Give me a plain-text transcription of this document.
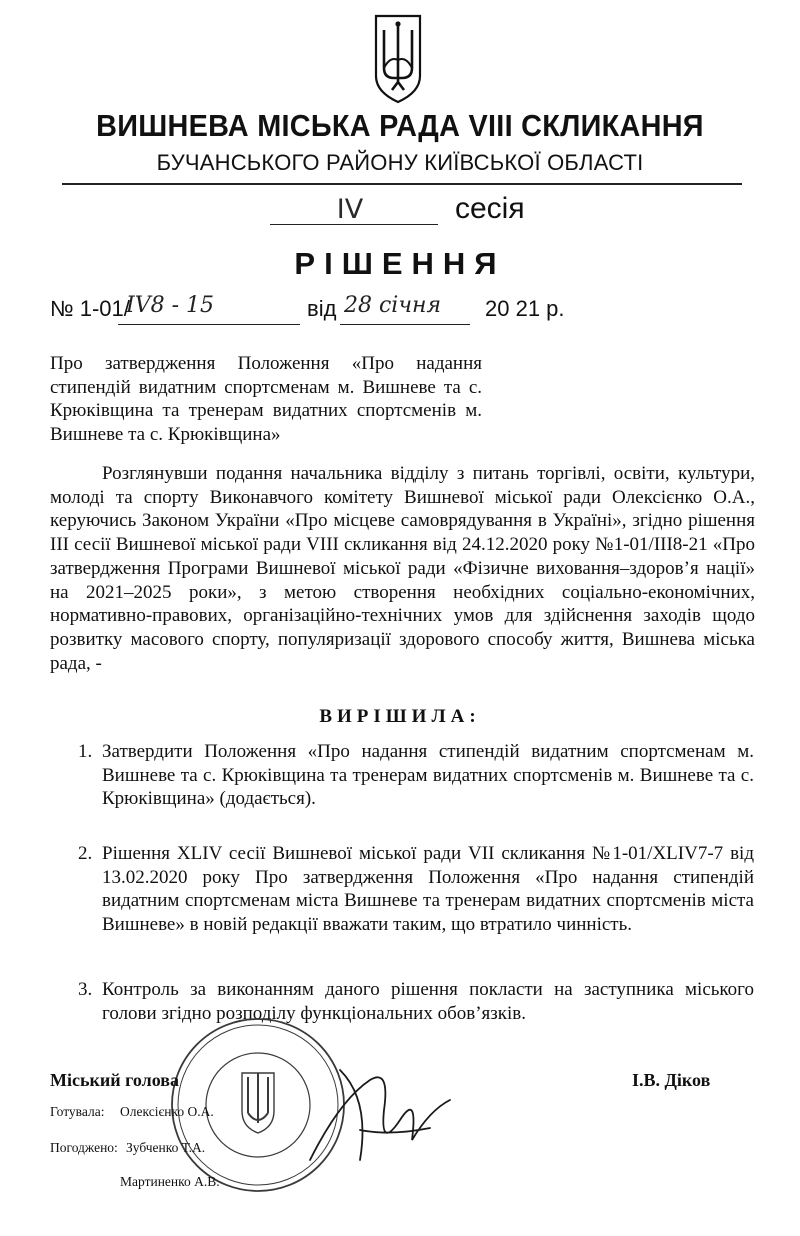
ВИШНЕВА МІСЬКА РАДА VIII СКЛИКАННЯ
БУЧАНСЬКОГО РАЙОНУ КИЇВСЬКОЇ ОБЛАСТІ
IV	сесія
РІШЕННЯ
№ 1-01/
IV8 - 15	від 28 січня 20 21 р.
Про затвердження Положення «Про надання стипендій видатним спортсменам м. Вишневе та с. Крюківщина та тренерам видатних спортсменів м. Вишневе та с. Крюківщина»
Розглянувши подання начальника відділу з питань торгівлі, освіти, культури, молоді та спорту Виконавчого комітету Вишневої міської ради Олексієнко О.А., керуючись Законом України «Про місцеве самоврядування в Україні», згідно рішення III сесії Вишневої міської ради VIII скликання від 24.12.2020 року №1-01/ІІІ8-21 «Про затвердження Програми Вишневої міської ради «Фізичне виховання–здоров’я нації» на 2021–2025 роки», з метою створення необхідних соціально-економічних, нормативно-правових, організаційно-технічних умов для здійснення заходів щодо розвитку масового спорту, популяризації здорового способу життя, Вишнева міська рада, -
ВИРІШИЛА:
1. Затвердити Положення «Про надання стипендій видатним спортсменам м. Вишневе та с. Крюківщина та тренерам видатних спортсменів м. Вишневе та с. Крюківщина» (додається).
2. Рішення XLIV сесії Вишневої міської ради VII скликання №1-01/XLIV7-7 від 13.02.2020 року Про затвердження Положення «Про надання стипендій видатним спортсменам міста Вишневе та тренерам видатних спортсменів міста Вишневе» в новій редакції вважати таким, що втратило чинність.
3. Контроль за виконанням даного рішення покласти на заступника міського голови згідно розподілу функціональних обов’язків.
Міський голова	І.В. Діков
Готувала: Олексієнко О.А.
Погоджено: Зубченко Т.А.
Мартиненко А.В.
